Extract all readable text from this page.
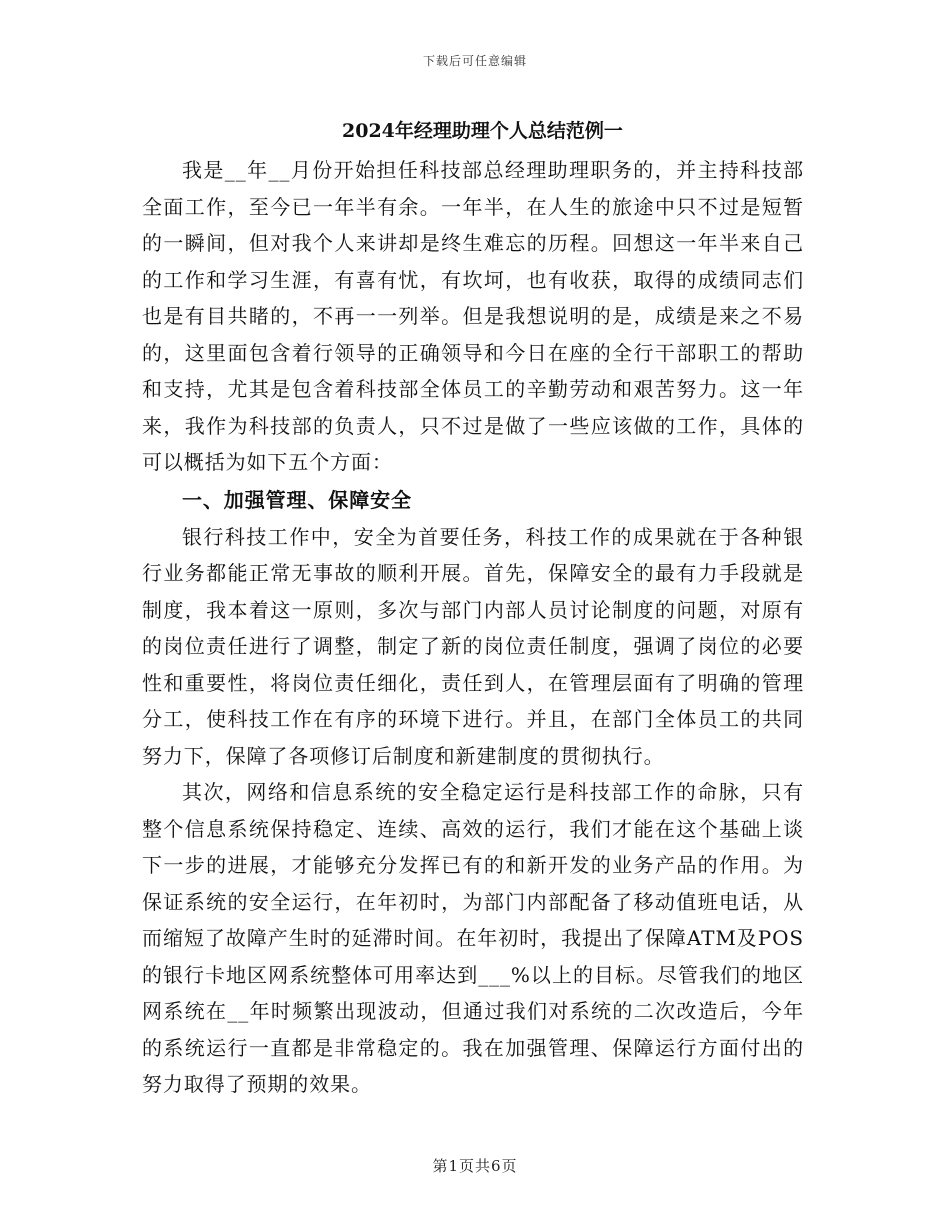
下载后可任意编辑
2024年经理助理个人总结范例一

我是__年__月份开始担任科技部总经理助理职务的，并主持科技部全面工作，至今已一年半有余。一年半，在人生的旅途中只不过是短暂的一瞬间，但对我个人来讲却是终生难忘的历程。回想这一年半来自己的工作和学习生涯，有喜有忧，有坎坷，也有收获，取得的成绩同志们也是有目共睹的，不再一一列举。但是我想说明的是，成绩是来之不易的，这里面包含着行领导的正确领导和今日在座的全行干部职工的帮助和支持，尤其是包含着科技部全体员工的辛勤劳动和艰苦努力。这一年来，我作为科技部的负责人，只不过是做了一些应该做的工作，具体的可以概括为如下五个方面：

一、加强管理、保障安全

银行科技工作中，安全为首要任务，科技工作的成果就在于各种银行业务都能正常无事故的顺利开展。首先，保障安全的最有力手段就是制度，我本着这一原则，多次与部门内部人员讨论制度的问题，对原有的岗位责任进行了调整，制定了新的岗位责任制度，强调了岗位的必要性和重要性，将岗位责任细化，责任到人，在管理层面有了明确的管理分工，使科技工作在有序的环境下进行。并且，在部门全体员工的共同努力下，保障了各项修订后制度和新建制度的贯彻执行。

其次，网络和信息系统的安全稳定运行是科技部工作的命脉，只有整个信息系统保持稳定、连续、高效的运行，我们才能在这个基础上谈下一步的进展，才能够充分发挥已有的和新开发的业务产品的作用。为保证系统的安全运行，在年初时，为部门内部配备了移动值班电话，从而缩短了故障产生时的延滞时间。在年初时，我提出了保障ATM及POS的银行卡地区网系统整体可用率达到___%以上的目标。尽管我们的地区网系统在__年时频繁出现波动，但通过我们对系统的二次改造后，今年的系统运行一直都是非常稳定的。我在加强管理、保障运行方面付出的努力取得了预期的效果。

第1页共6页
